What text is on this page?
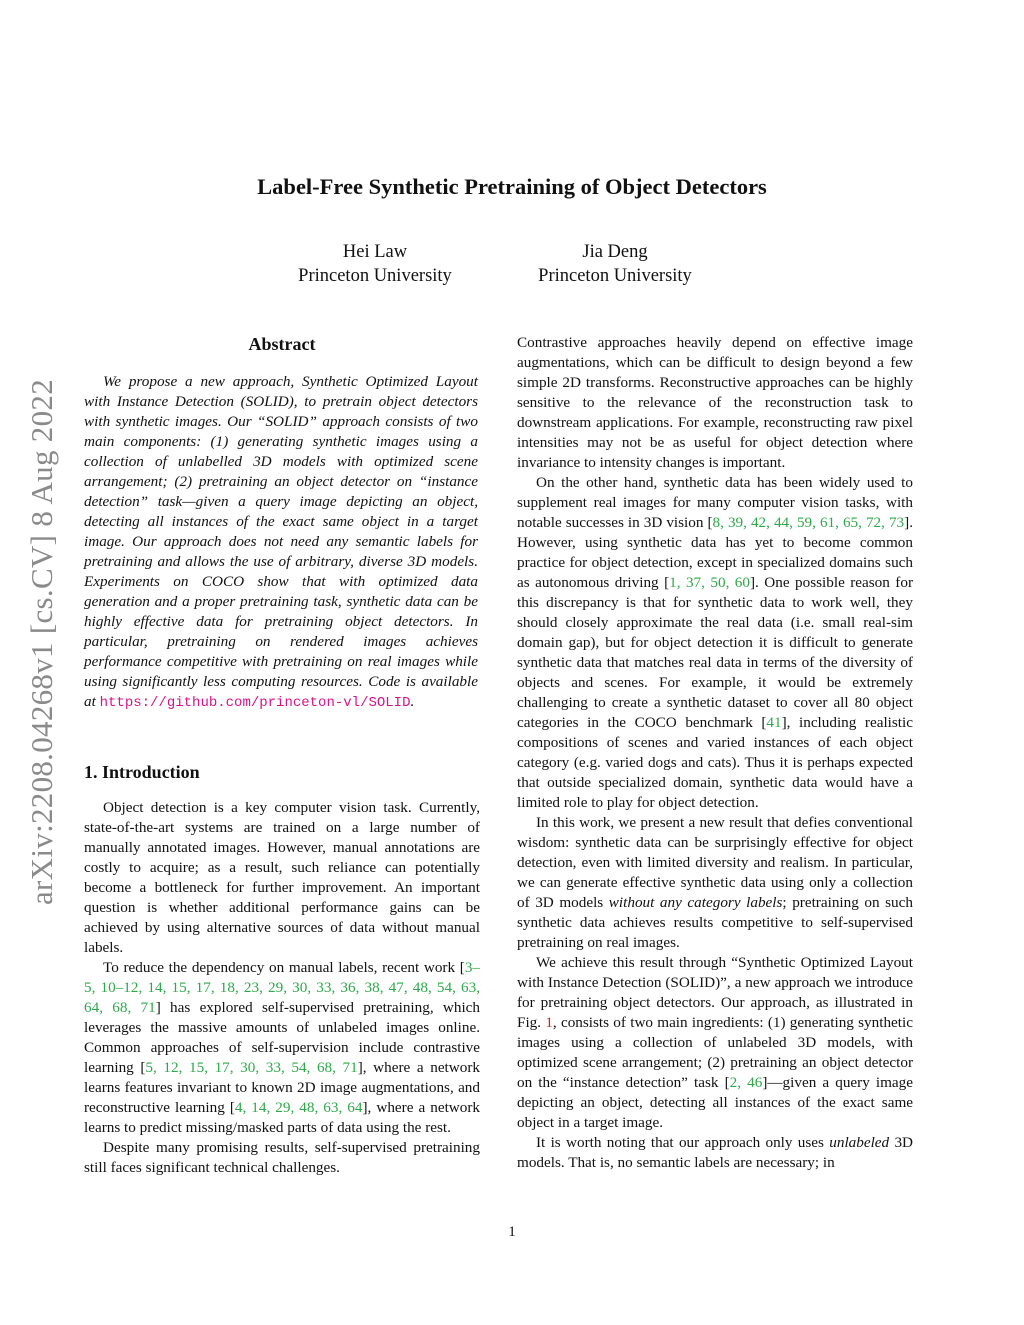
arXiv:2208.04268v1 [cs.CV] 8 Aug 2022
Label-Free Synthetic Pretraining of Object Detectors
Hei Law
Princeton University
Jia Deng
Princeton University
Abstract

We propose a new approach, Synthetic Optimized Layout with Instance Detection (SOLID), to pretrain object detectors with synthetic images. Our “SOLID” approach consists of two main components: (1) generating synthetic images using a collection of unlabelled 3D models with optimized scene arrangement; (2) pretraining an object detector on “instance detection” task—given a query image depicting an object, detecting all instances of the exact same object in a target image. Our approach does not need any semantic labels for pretraining and allows the use of arbitrary, diverse 3D models. Experiments on COCO show that with optimized data generation and a proper pretraining task, synthetic data can be highly effective data for pretraining object detectors. In particular, pretraining on rendered images achieves performance competitive with pretraining on real images while using significantly less computing resources. Code is available at https://github.com/princeton-vl/SOLID.

1. Introduction

Object detection is a key computer vision task. Currently, state-of-the-art systems are trained on a large number of manually annotated images. However, manual annotations are costly to acquire; as a result, such reliance can potentially become a bottleneck for further improvement. An important question is whether additional performance gains can be achieved by using alternative sources of data without manual labels.

To reduce the dependency on manual labels, recent work [3–5, 10–12, 14, 15, 17, 18, 23, 29, 30, 33, 36, 38, 47, 48, 54, 63, 64, 68, 71] has explored self-supervised pretraining, which leverages the massive amounts of unlabeled images online. Common approaches of self-supervision include contrastive learning [5, 12, 15, 17, 30, 33, 54, 68, 71], where a network learns features invariant to known 2D image augmentations, and reconstructive learning [4, 14, 29, 48, 63, 64], where a network learns to predict missing/masked parts of data using the rest.

Despite many promising results, self-supervised pretraining still faces significant technical challenges.

Contrastive approaches heavily depend on effective image augmentations, which can be difficult to design beyond a few simple 2D transforms. Reconstructive approaches can be highly sensitive to the relevance of the reconstruction task to downstream applications. For example, reconstructing raw pixel intensities may not be as useful for object detection where invariance to intensity changes is important.

On the other hand, synthetic data has been widely used to supplement real images for many computer vision tasks, with notable successes in 3D vision [8, 39, 42, 44, 59, 61, 65, 72, 73]. However, using synthetic data has yet to become common practice for object detection, except in specialized domains such as autonomous driving [1, 37, 50, 60]. One possible reason for this discrepancy is that for synthetic data to work well, they should closely approximate the real data (i.e. small real-sim domain gap), but for object detection it is difficult to generate synthetic data that matches real data in terms of the diversity of objects and scenes. For example, it would be extremely challenging to create a synthetic dataset to cover all 80 object categories in the COCO benchmark [41], including realistic compositions of scenes and varied instances of each object category (e.g. varied dogs and cats). Thus it is perhaps expected that outside specialized domain, synthetic data would have a limited role to play for object detection.

In this work, we present a new result that defies conventional wisdom: synthetic data can be surprisingly effective for object detection, even with limited diversity and realism. In particular, we can generate effective synthetic data using only a collection of 3D models without any category labels; pretraining on such synthetic data achieves results competitive to self-supervised pretraining on real images.

We achieve this result through “Synthetic Optimized Layout with Instance Detection (SOLID)”, a new approach we introduce for pretraining object detectors. Our approach, as illustrated in Fig. 1, consists of two main ingredients: (1) generating synthetic images using a collection of unlabeled 3D models, with optimized scene arrangement; (2) pretraining an object detector on the “instance detection” task [2, 46]—given a query image depicting an object, detecting all instances of the exact same object in a target image.

It is worth noting that our approach only uses unlabeled 3D models. That is, no semantic labels are necessary; in

1
